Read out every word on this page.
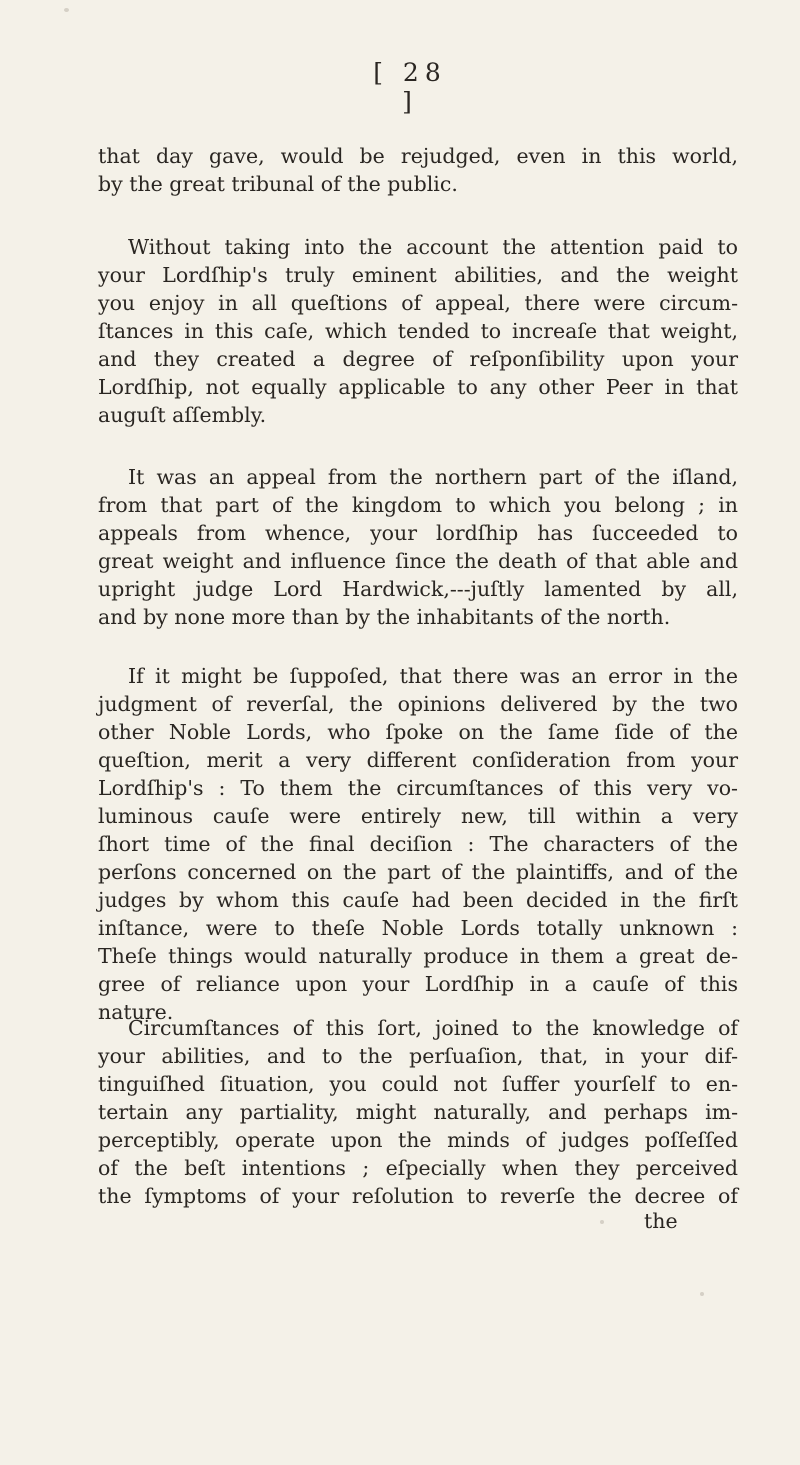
[ 28 ]
that day gave, would be rejudged, even in this world,
by the great tribunal of the public.
Without taking into the account the attention paid to
your Lordſhip's truly eminent abilities, and the weight
you enjoy in all queſtions of appeal, there were circum-
ſtances in this caſe, which tended to increaſe that weight,
and they created a degree of reſponſibility upon your
Lordſhip, not equally applicable to any other Peer in that
auguſt aſſembly.
It was an appeal from the northern part of the iſland,
from that part of the kingdom to which you belong ; in
appeals from whence, your lordſhip has ſucceeded to
great weight and influence ſince the death of that able and
upright judge Lord Hardwick,---juſtly lamented by all,
and by none more than by the inhabitants of the north.
If it might be ſuppoſed, that there was an error in the
judgment of reverſal, the opinions delivered by the two
other Noble Lords, who ſpoke on the ſame ſide of the
queſtion, merit a very different conſideration from your
Lordſhip's : To them the circumſtances of this very vo-
luminous cauſe were entirely new, till within a very
ſhort time of the final deciſion : The characters of the
perſons concerned on the part of the plaintiffs, and of the
judges by whom this cauſe had been decided in the firſt
inſtance, were to theſe Noble Lords totally unknown :
Theſe things would naturally produce in them a great de-
gree of reliance upon your Lordſhip in a cauſe of this
nature.
Circumſtances of this ſort, joined to the knowledge of
your abilities, and to the perſuaſion, that, in your dif-
tinguiſhed ſituation, you could not ſuffer yourſelf to en-
tertain any partiality, might naturally, and perhaps im-
perceptibly, operate upon the minds of judges poſſeſſed
of the beſt intentions ; eſpecially when they perceived
the ſymptoms of your reſolution to reverſe the decree of
the
